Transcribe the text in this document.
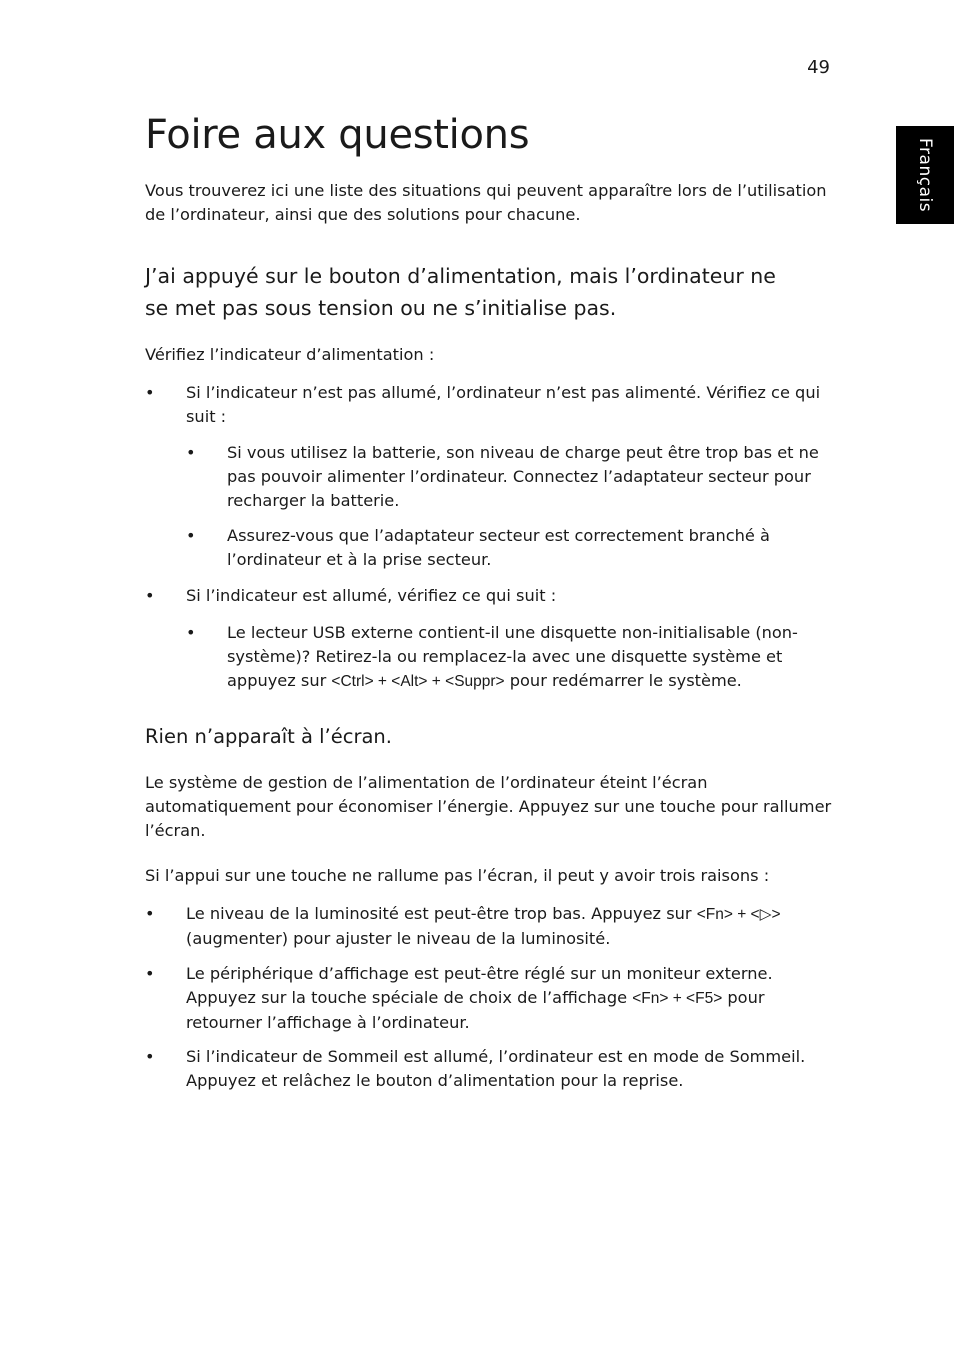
49
Français
Foire aux questions

Vous trouverez ici une liste des situations qui peuvent apparaître lors de l’utilisation de l’ordinateur, ainsi que des solutions pour chacune.

J’ai appuyé sur le bouton d’alimentation, mais l’ordinateur ne
se met pas sous tension ou ne s’initialise pas.

Vérifiez l’indicateur d’alimentation :

• Si l’indicateur n’est pas allumé, l’ordinateur n’est pas alimenté. Vérifiez ce qui suit :
• Si vous utilisez la batterie, son niveau de charge peut être trop bas et ne pas pouvoir alimenter l’ordinateur. Connectez l’adaptateur secteur pour recharger la batterie.
• Assurez-vous que l’adaptateur secteur est correctement branché à l’ordinateur et à la prise secteur.
• Si l’indicateur est allumé, vérifiez ce qui suit :
• Le lecteur USB externe contient-il une disquette non-initialisable (non-système)? Retirez-la ou remplacez-la avec une disquette système et appuyez sur <Ctrl> + <Alt> + <Suppr> pour redémarrer le système.
Rien n’apparaît à l’écran.

Le système de gestion de l’alimentation de l’ordinateur éteint l’écran automatiquement pour économiser l’énergie. Appuyez sur une touche pour rallumer l’écran.

Si l’appui sur une touche ne rallume pas l’écran, il peut y avoir trois raisons :

• Le niveau de la luminosité est peut-être trop bas. Appuyez sur <Fn> + <▷> (augmenter) pour ajuster le niveau de la luminosité.
• Le périphérique d’affichage est peut-être réglé sur un moniteur externe. Appuyez sur la touche spéciale de choix de l’affichage <Fn> + <F5> pour retourner l’affichage à l’ordinateur.
• Si l’indicateur de Sommeil est allumé, l’ordinateur est en mode de Sommeil. Appuyez et relâchez le bouton d’alimentation pour la reprise.
